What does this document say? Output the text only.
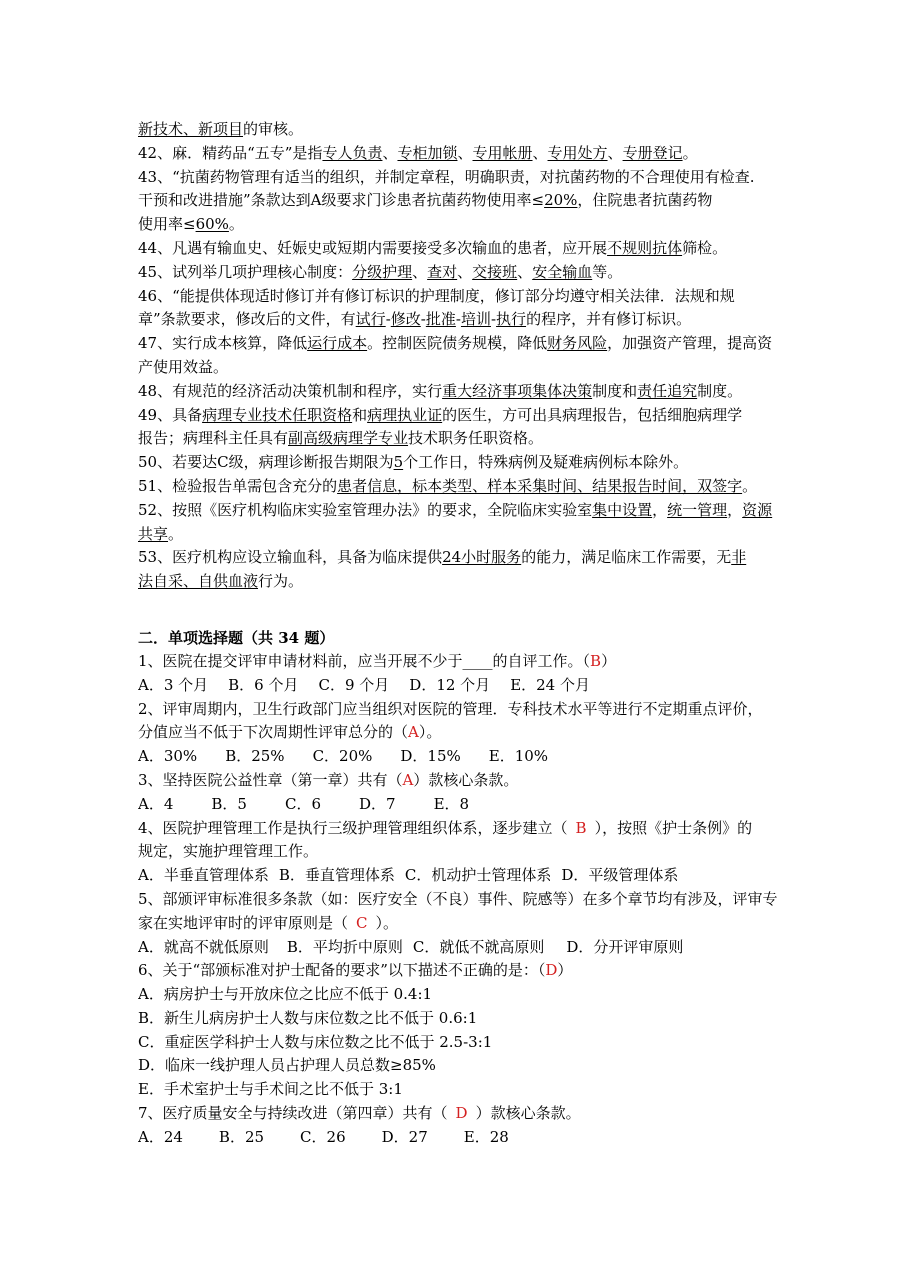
新技术、新项目的审核。
42、麻．精药品“五专”是指专人负责、专柜加锁、专用帐册、专用处方、专册登记。
43、“抗菌药物管理有适当的组织，并制定章程，明确职责，对抗菌药物的不合理使用有检查.
干预和改进措施”条款达到A级要求门诊患者抗菌药物使用率≤20%，住院患者抗菌药物
使用率≤60%。
44、凡遇有输血史、妊娠史或短期内需要接受多次输血的患者，应开展不规则抗体筛检。
45、试列举几项护理核心制度：分级护理、查对、交接班、安全输血等。
46、“能提供体现适时修订并有修订标识的护理制度，修订部分均遵守相关法律．法规和规
章”条款要求，修改后的文件，有试行-修改-批准-培训-执行的程序，并有修订标识。
47、实行成本核算，降低运行成本。控制医院债务规模，降低财务风险，加强资产管理，提高资
产使用效益。
48、有规范的经济活动决策机制和程序，实行重大经济事项集体决策制度和责任追究制度。
49、具备病理专业技术任职资格和病理执业证的医生，方可出具病理报告，包括细胞病理学
报告；病理科主任具有副高级病理学专业技术职务任职资格。
50、若要达C级，病理诊断报告期限为5个工作日，特殊病例及疑难病例标本除外。
51、检验报告单需包含充分的患者信息，标本类型、样本采集时间、结果报告时间，双签字。
52、按照《医疗机构临床实验室管理办法》的要求，全院临床实验室集中设置，统一管理，资源
共享。
53、医疗机构应设立输血科，具备为临床提供24小时服务的能力，满足临床工作需要，无非
法自采、自供血液行为。
二．单项选择题（共 34 题）
1、医院在提交评审申请材料前，应当开展不少于____的自评工作。（B）
A．3 个月 B．6 个月 C．9 个月 D．12 个月 E．24 个月
2、评审周期内，卫生行政部门应当组织对医院的管理．专科技术水平等进行不定期重点评价，
分值应当不低于下次周期性评审总分的（A）。
A．30% B．25% C．20% D．15% E．10%
3、坚持医院公益性章（第一章）共有（A）款核心条款。
A．4	B．5	C．6	D．7	E．8
4、医院护理管理工作是执行三级护理管理组织体系，逐步建立（ B ），按照《护士条例》的
规定，实施护理管理工作。
A．半垂直管理体系 B．垂直管理体系 C．机动护士管理体系 D．平级管理体系
5、部颁评审标准很多条款（如：医疗安全（不良）事件、院感等）在多个章节均有涉及，评审专
家在实地评审时的评审原则是（ C ）。
A．就高不就低原则 B．平均折中原则 C．就低不就高原则 D．分开评审原则
6、关于“部颁标准对护士配备的要求”以下描述不正确的是：（D）
A．病房护士与开放床位之比应不低于 0.4:1
B．新生儿病房护士人数与床位数之比不低于 0.6:1
C．重症医学科护士人数与床位数之比不低于 2.5-3:1
D．临床一线护理人员占护理人员总数≥85%
E．手术室护士与手术间之比不低于 3:1
7、医疗质量安全与持续改进（第四章）共有（ D ）款核心条款。
A．24 B．25 C．26 D．27 E．28
